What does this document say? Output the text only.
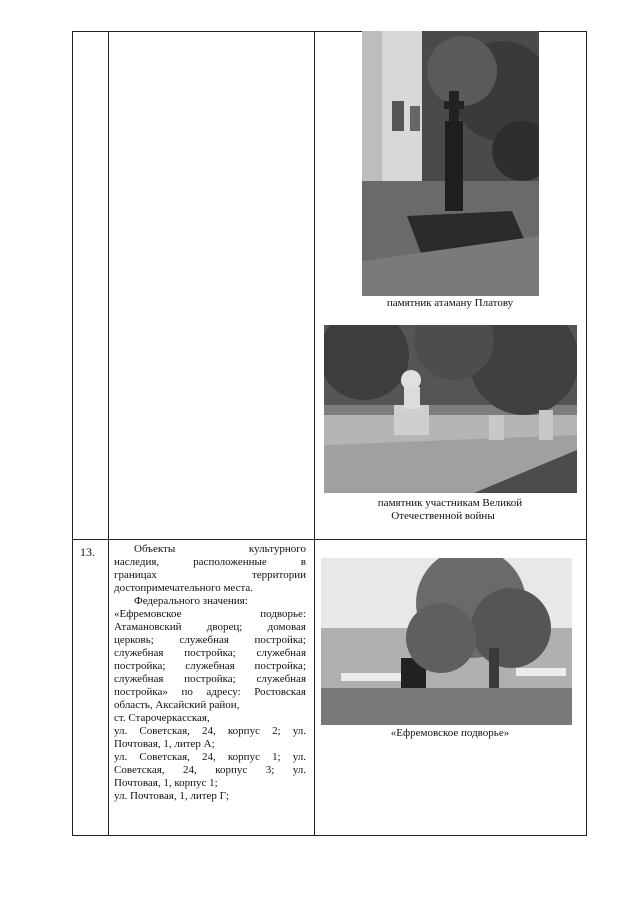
памятник атаману Платову
памятник участникам Великой
Отечественной войны
13.	Объекты культурного

наследия, расположенные в

границах территории

достопримечательного места.

Федерального значения:

«Ефремовское подворье:

Атамановский дворец; домовая

церковь; служебная постройка;

служебная постройка; служебная

постройка; служебная постройка;

служебная постройка; служебная

постройка» по адресу: Ростовская

область, Аксайский район,

ст. Старочеркасская,

ул. Советская, 24, корпус 2; ул.

Почтовая, 1, литер А;

ул. Советская, 24, корпус 1; ул.

Советская, 24, корпус 3; ул.

Почтовая, 1, корпус 1;

ул. Почтовая, 1, литер Г;

«Ефремовское подворье»
